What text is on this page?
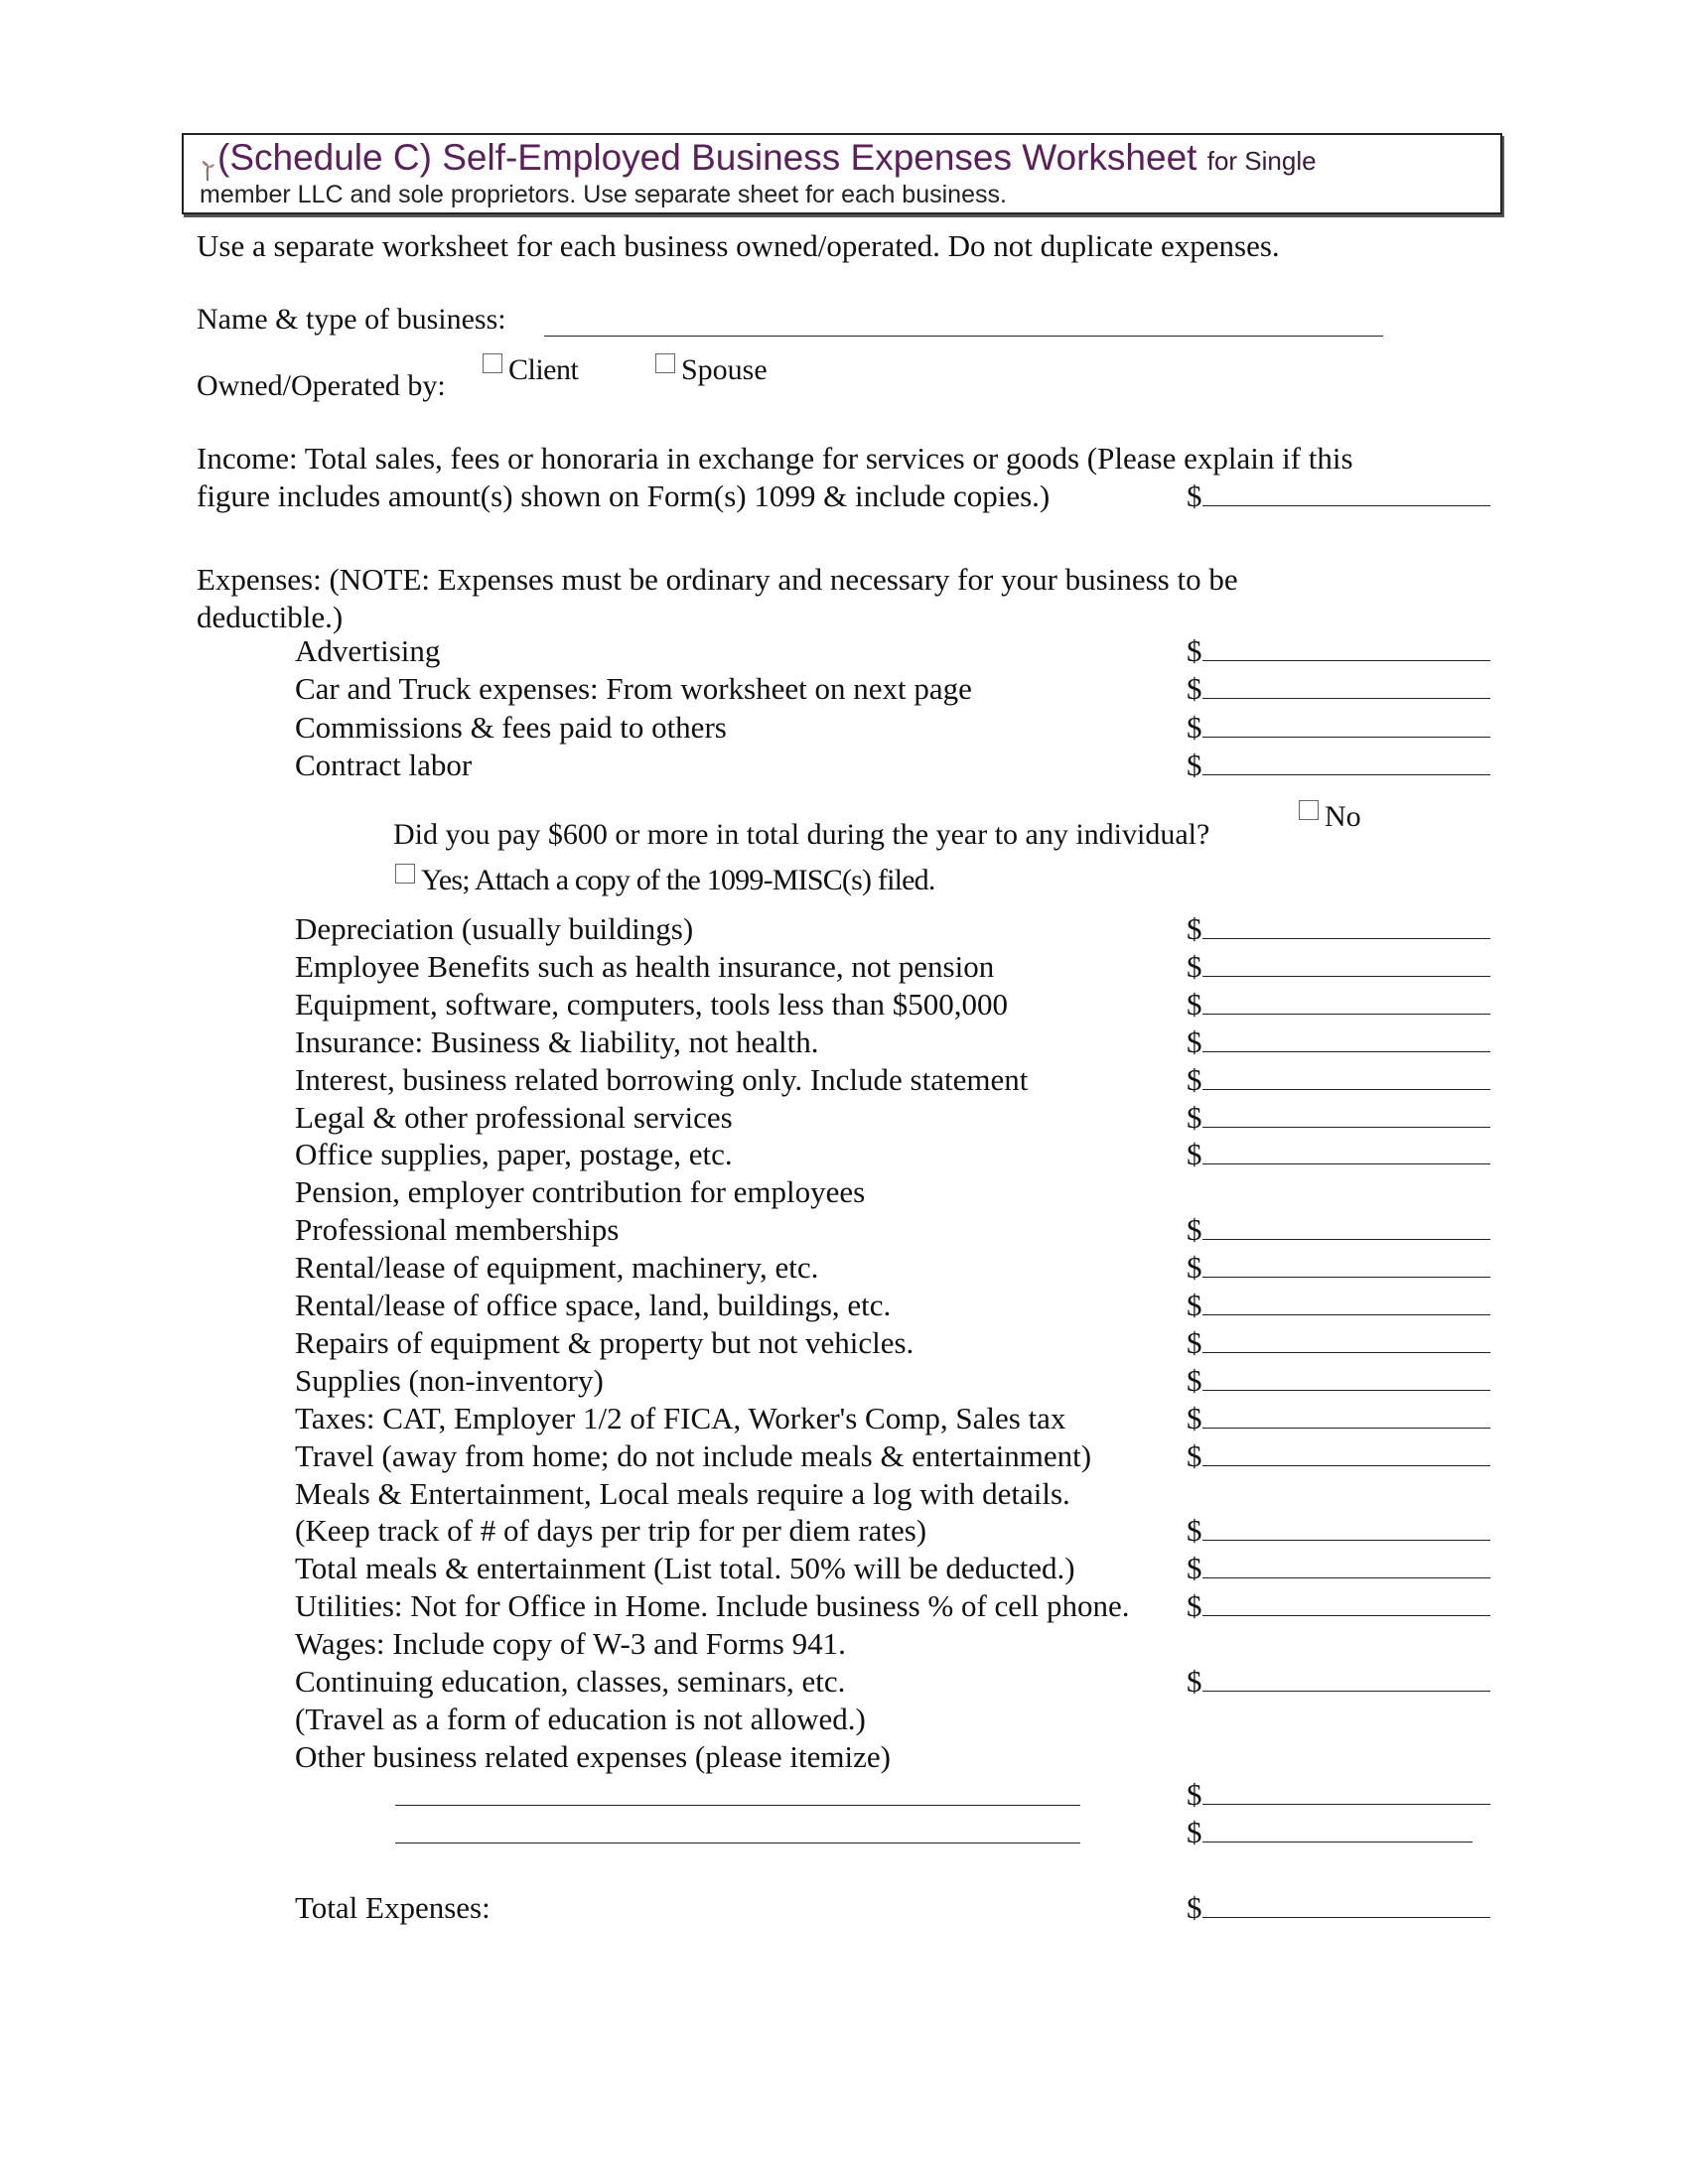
(Schedule C) Self-Employed Business Expenses Worksheet for Single
member LLC and sole proprietors. Use separate sheet for each business.
Use a separate worksheet for each business owned/operated. Do not duplicate expenses.
Name & type of business:
Owned/Operated by:	Client	Spouse
Income: Total sales, fees or honoraria in exchange for services or goods (Please explain if this
figure includes amount(s) shown on Form(s) 1099 & include copies.)	$
Expenses: (NOTE: Expenses must be ordinary and necessary for your business to be
deductible.)
Advertising	$
Car and Truck expenses: From worksheet on next page	$
Commissions & fees paid to others	$
Contract labor	$
Did you pay $600 or more in total during the year to any individual?
No
Yes; Attach a copy of the 1099-MISC(s) filed.
Depreciation (usually buildings)	$
Employee Benefits such as health insurance, not pension	$
Equipment, software, computers, tools less than $500,000	$
Insurance: Business & liability, not health.	$
Interest, business related borrowing only. Include statement	$
Legal & other professional services	$
Office supplies, paper, postage, etc.	$
Pension, employer contribution for employees
Professional memberships	$
Rental/lease of equipment, machinery, etc.	$
Rental/lease of office space, land, buildings, etc.	$
Repairs of equipment & property but not vehicles.	$
Supplies (non-inventory)	$
Taxes: CAT, Employer 1/2 of FICA, Worker's Comp, Sales tax	$
Travel (away from home; do not include meals & entertainment)	$
Meals & Entertainment, Local meals require a log with details.
(Keep track of # of days per trip for per diem rates)	$
Total meals & entertainment (List total. 50% will be deducted.)	$
Utilities: Not for Office in Home. Include business % of cell phone. $
Wages: Include copy of W-3 and Forms 941.
Continuing education, classes, seminars, etc.	$
(Travel as a form of education is not allowed.)
Other business related expenses (please itemize)
$
$
Total Expenses:	$
